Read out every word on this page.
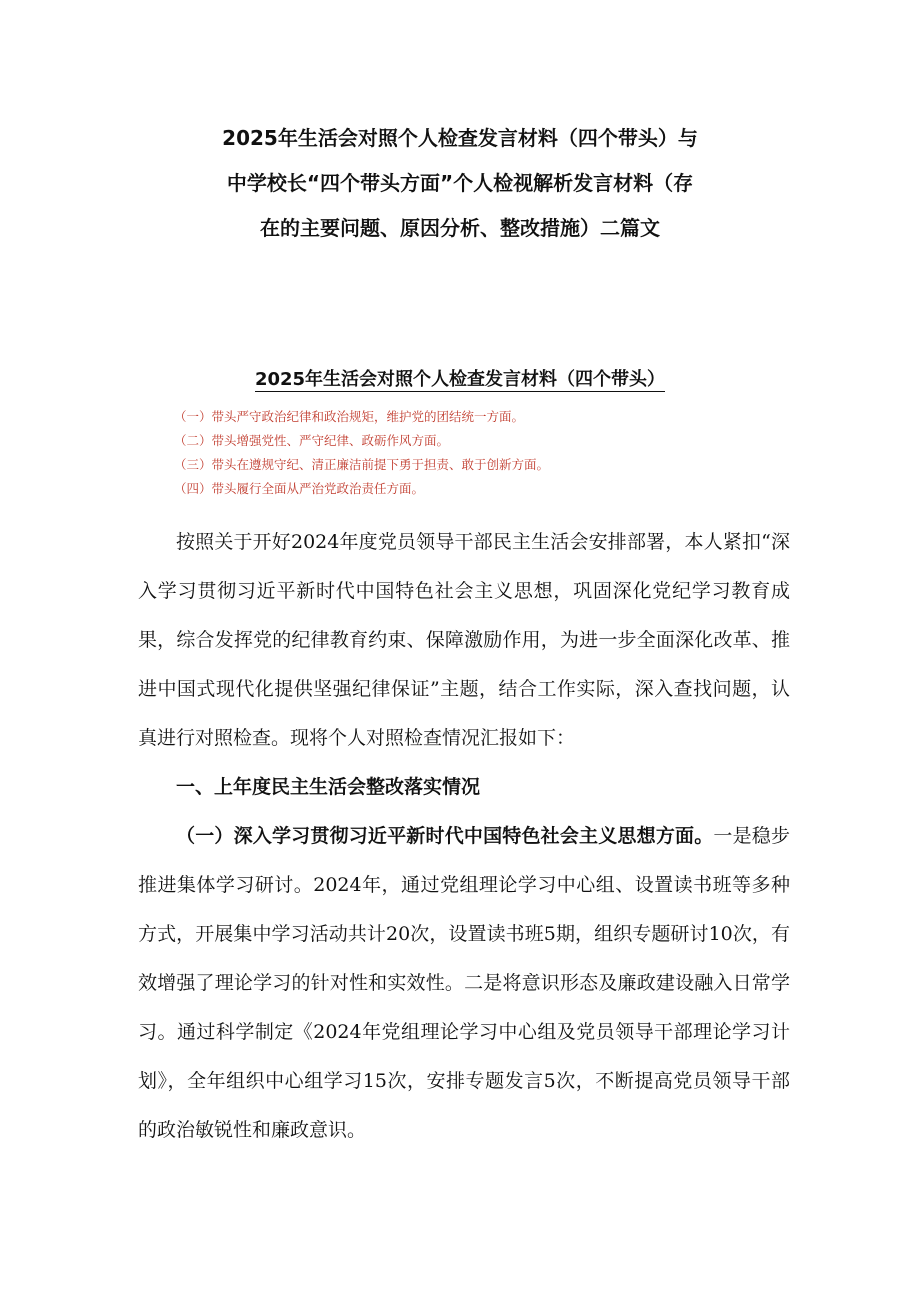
2025年生活会对照个人检查发言材料（四个带头）与
中学校长“四个带头方面”个人检视解析发言材料（存
在的主要问题、原因分析、整改措施）二篇文
2025年生活会对照个人检查发言材料（四个带头）
（一）带头严守政治纪律和政治规矩，维护党的团结统一方面。
（二）带头增强党性、严守纪律、政砺作风方面。
（三）带头在遵规守纪、清正廉洁前提下勇于担责、敢于创新方面。
（四）带头履行全面从严治党政治责任方面。

按照关于开好2024年度党员领导干部民主生活会安排部署，本人紧扣“深入学习贯彻习近平新时代中国特色社会主义思想，巩固深化党纪学习教育成果，综合发挥党的纪律教育约束、保障激励作用，为进一步全面深化改革、推进中国式现代化提供坚强纪律保证”主题，结合工作实际，深入查找问题，认真进行对照检查。现将个人对照检查情况汇报如下：

一、上年度民主生活会整改落实情况

（一）深入学习贯彻习近平新时代中国特色社会主义思想方面。一是稳步推进集体学习研讨。2024年，通过党组理论学习中心组、设置读书班等多种方式，开展集中学习活动共计20次，设置读书班5期，组织专题研讨10次，有效增强了理论学习的针对性和实效性。二是将意识形态及廉政建设融入日常学习。通过科学制定《2024年党组理论学习中心组及党员领导干部理论学习计划》，全年组织中心组学习15次，安排专题发言5次，不断提高党员领导干部的政治敏锐性和廉政意识。
